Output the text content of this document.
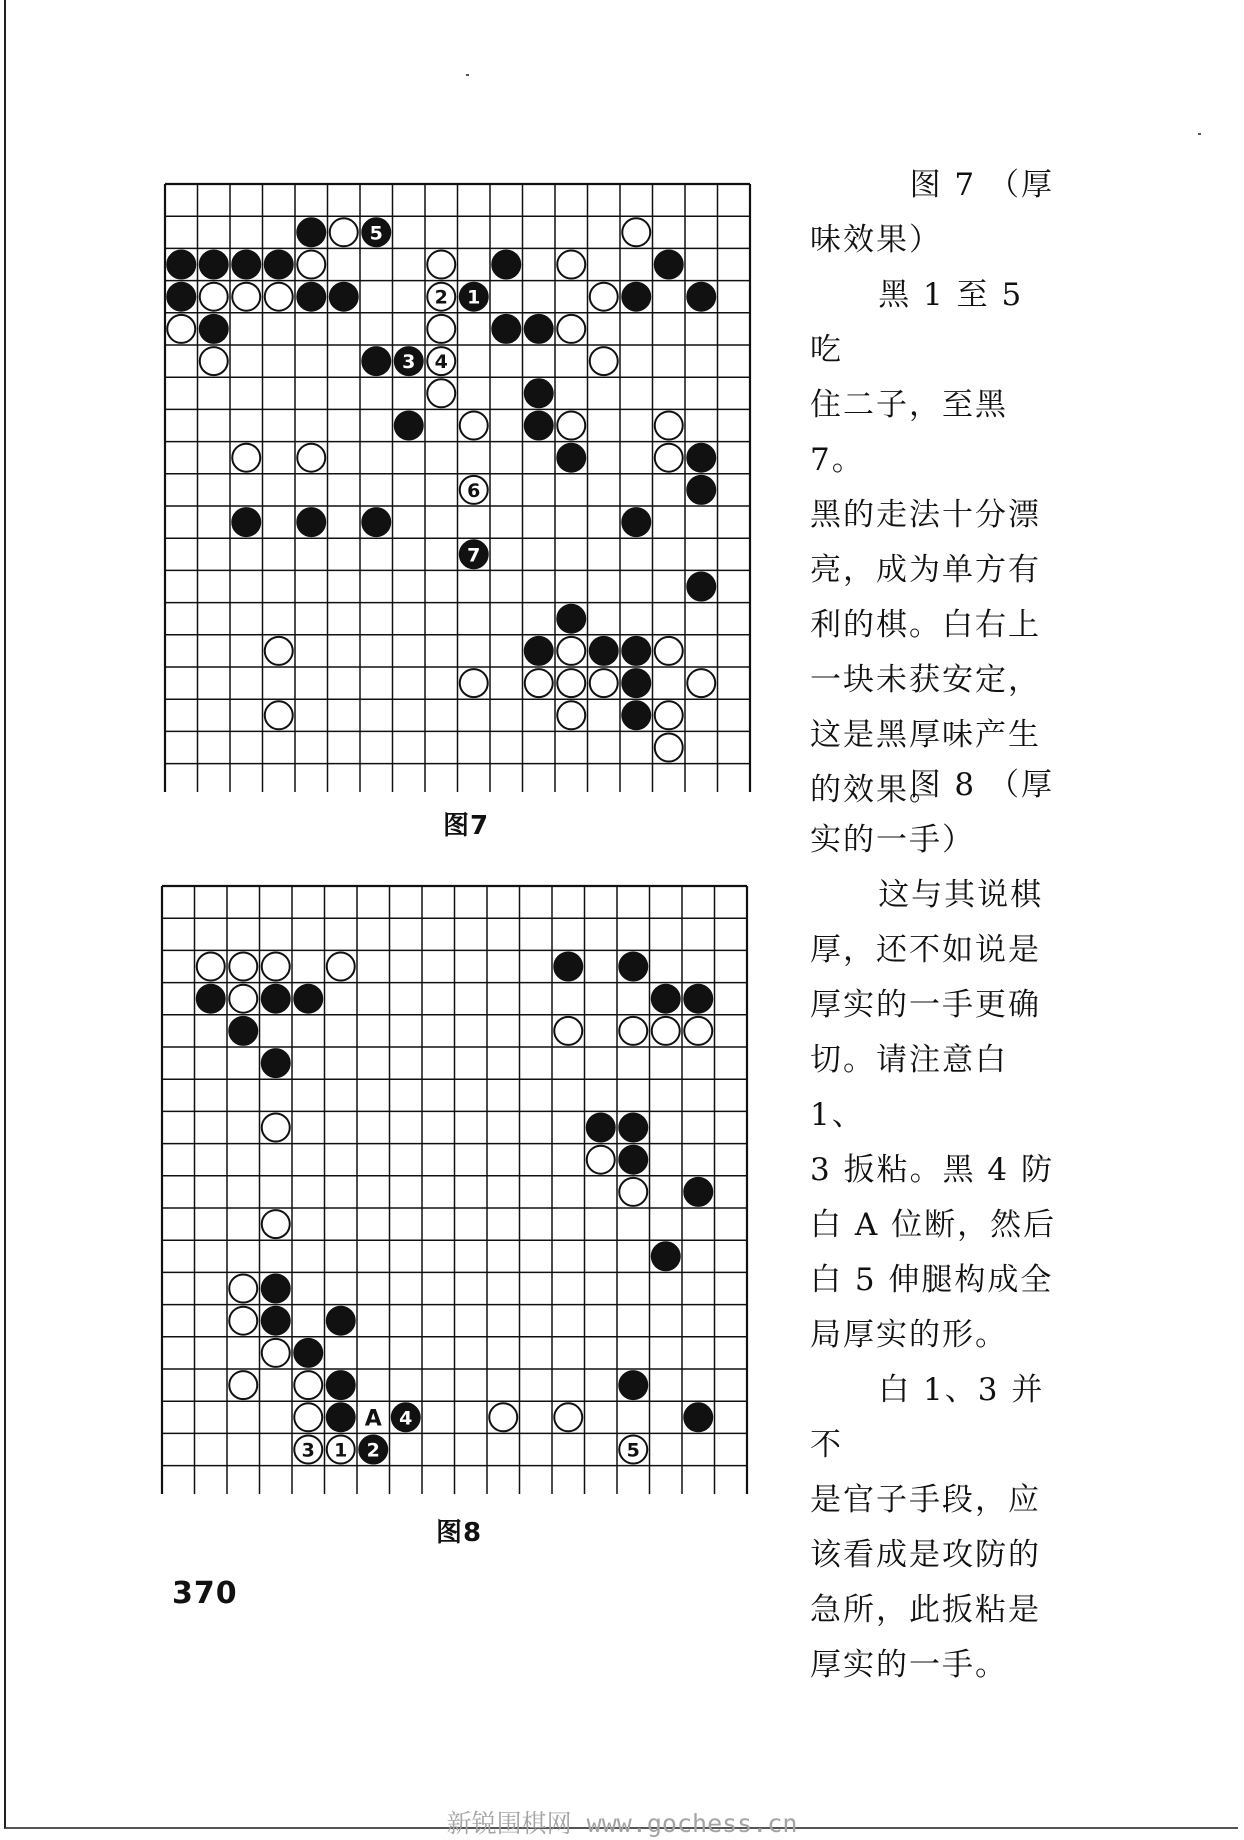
5
2 1
3 4
6
7
图7
3 1 2
4
5
A
图8

图 7 （厚

味效果）

黑 1 至 5 吃

住二子，至黑 7。

黑的走法十分漂

亮，成为单方有

利的棋。白右上

一块未获安定，

这是黑厚味产生

的效果。

图 8 （厚

实的一手）

这与其说棋

厚，还不如说是

厚实的一手更确

切。请注意白 1、

3 扳粘。黑 4 防

白 A 位断，然后

白 5 伸腿构成全

局厚实的形。

白 1、3 并不

是官子手段，应

该看成是攻防的

急所，此扳粘是

厚实的一手。

370
新锐围棋网 www.gochess.cn
